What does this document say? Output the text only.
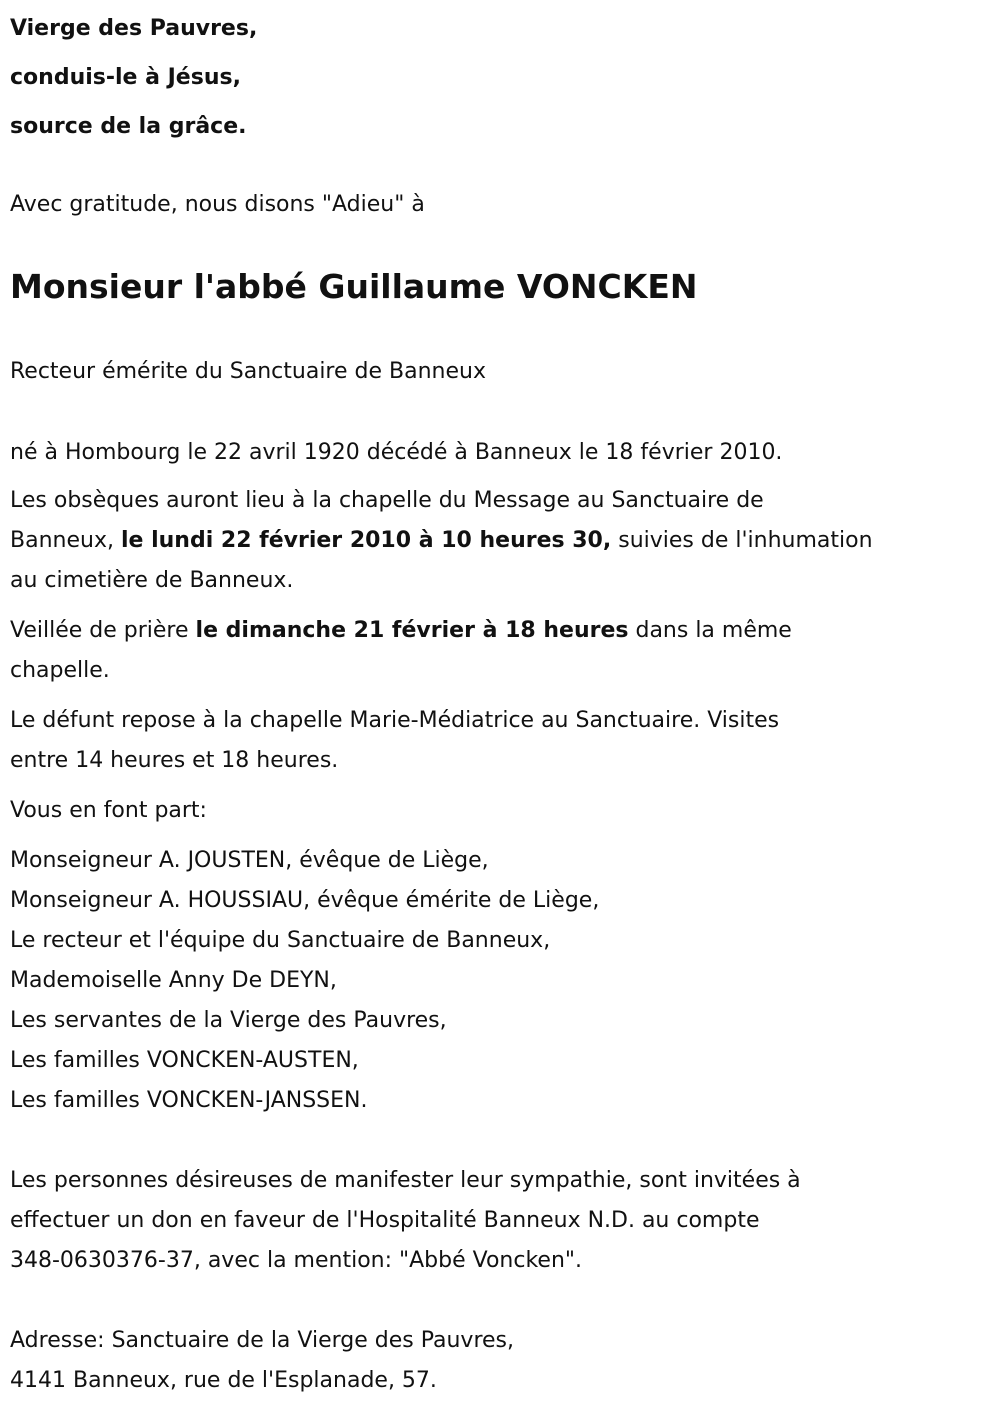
Vierge des Pauvres,
conduis-le à Jésus,
source de la grâce.
Avec gratitude, nous disons "Adieu" à
Monsieur l'abbé Guillaume VONCKEN
Recteur émérite du Sanctuaire de Banneux
né à Hombourg le 22 avril 1920 décédé à Banneux le 18 février 2010.
Les obsèques auront lieu à la chapelle du Message au Sanctuaire de
Banneux, le lundi 22 février 2010 à 10 heures 30, suivies de l'inhumation
au cimetière de Banneux.
Veillée de prière le dimanche 21 février à 18 heures dans la même
chapelle.
Le défunt repose à la chapelle Marie-Médiatrice au Sanctuaire. Visites
entre 14 heures et 18 heures.
Vous en font part:
Monseigneur A. JOUSTEN, évêque de Liège,
Monseigneur A. HOUSSIAU, évêque émérite de Liège,
Le recteur et l'équipe du Sanctuaire de Banneux,
Mademoiselle Anny De DEYN,
Les servantes de la Vierge des Pauvres,
Les familles VONCKEN-AUSTEN,
Les familles VONCKEN-JANSSEN.
Les personnes désireuses de manifester leur sympathie, sont invitées à
effectuer un don en faveur de l'Hospitalité Banneux N.D. au compte
348-0630376-37, avec la mention: "Abbé Voncken".
Adresse: Sanctuaire de la Vierge des Pauvres,
4141 Banneux, rue de l'Esplanade, 57.
